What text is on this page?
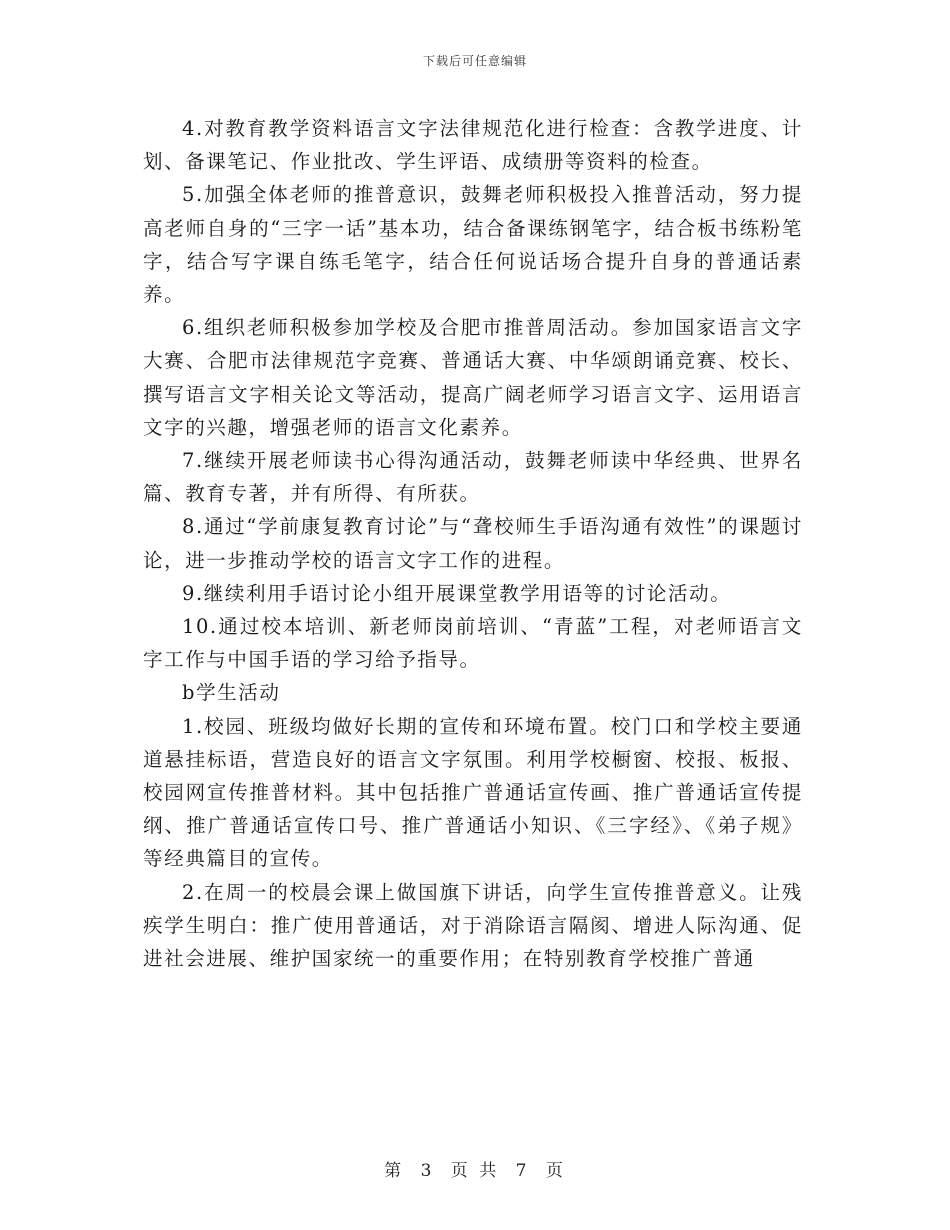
下载后可任意编辑

4.对教育教学资料语言文字法律规范化进行检查：含教学进度、计划、备课笔记、作业批改、学生评语、成绩册等资料的检查。

5.加强全体老师的推普意识，鼓舞老师积极投入推普活动，努力提高老师自身的“三字一话”基本功，结合备课练钢笔字，结合板书练粉笔字，结合写字课自练毛笔字，结合任何说话场合提升自身的普通话素养。

6.组织老师积极参加学校及合肥市推普周活动。参加国家语言文字大赛、合肥市法律规范字竞赛、普通话大赛、中华颂朗诵竞赛、校长、撰写语言文字相关论文等活动，提高广阔老师学习语言文字、运用语言文字的兴趣，增强老师的语言文化素养。

7.继续开展老师读书心得沟通活动，鼓舞老师读中华经典、世界名篇、教育专著，并有所得、有所获。

8.通过“学前康复教育讨论”与“聋校师生手语沟通有效性”的课题讨论，进一步推动学校的语言文字工作的进程。

9.继续利用手语讨论小组开展课堂教学用语等的讨论活动。

10.通过校本培训、新老师岗前培训、“青蓝”工程，对老师语言文字工作与中国手语的学习给予指导。

b学生活动

1.校园、班级均做好长期的宣传和环境布置。校门口和学校主要通道悬挂标语，营造良好的语言文字氛围。利用学校橱窗、校报、板报、校园网宣传推普材料。其中包括推广普通话宣传画、推广普通话宣传提纲、推广普通话宣传口号、推广普通话小知识、《三字经》、《弟子规》等经典篇目的宣传。

2.在周一的校晨会课上做国旗下讲话，向学生宣传推普意义。让残疾学生明白：推广使用普通话，对于消除语言隔阂、增进人际沟通、促进社会进展、维护国家统一的重要作用；在特别教育学校推广普通

第 3 页 共 7 页
